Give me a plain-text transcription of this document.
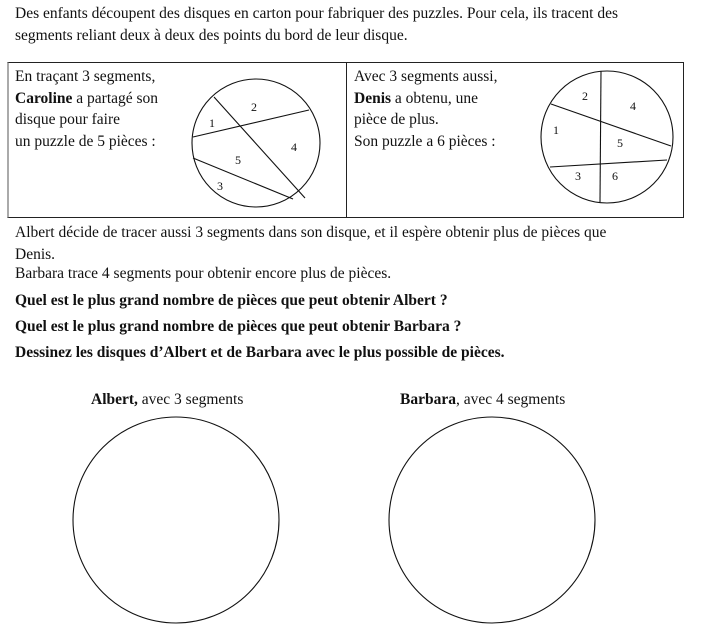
Des enfants découpent des disques en carton pour fabriquer des puzzles. Pour cela, ils tracent des
segments reliant deux à deux des points du bord de leur disque.
En traçant 3 segments,
Caroline a partagé son
disque pour faire
un puzzle de 5 pièces :
Avec 3 segments aussi,
Denis a obtenu, une
pièce de plus.
Son puzzle a 6 pièces :
1
2
3
4
5
1
2
3
4
5
6
Albert décide de tracer aussi 3 segments dans son disque, et il espère obtenir plus de pièces que
Denis.
Barbara trace 4 segments pour obtenir encore plus de pièces.
Quel est le plus grand nombre de pièces que peut obtenir Albert ?
Quel est le plus grand nombre de pièces que peut obtenir Barbara ?
Dessinez les disques d’Albert et de Barbara avec le plus possible de pièces.
Albert, avec 3 segments	Barbara, avec 4 segments
